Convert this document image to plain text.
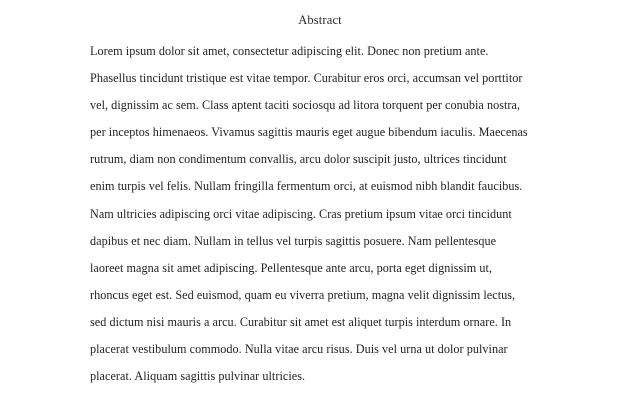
Abstract
Lorem ipsum dolor sit amet, consectetur adipiscing elit. Donec non pretium ante.
Phasellus tincidunt tristique est vitae tempor. Curabitur eros orci, accumsan vel porttitor
vel, dignissim ac sem. Class aptent taciti sociosqu ad litora torquent per conubia nostra,
per inceptos himenaeos. Vivamus sagittis mauris eget augue bibendum iaculis. Maecenas
rutrum, diam non condimentum convallis, arcu dolor suscipit justo, ultrices tincidunt
enim turpis vel felis. Nullam fringilla fermentum orci, at euismod nibh blandit faucibus.
Nam ultricies adipiscing orci vitae adipiscing. Cras pretium ipsum vitae orci tincidunt
dapibus et nec diam. Nullam in tellus vel turpis sagittis posuere. Nam pellentesque
laoreet magna sit amet adipiscing. Pellentesque ante arcu, porta eget dignissim ut,
rhoncus eget est. Sed euismod, quam eu viverra pretium, magna velit dignissim lectus,
sed dictum nisi mauris a arcu. Curabitur sit amet est aliquet turpis interdum ornare. In
placerat vestibulum commodo. Nulla vitae arcu risus. Duis vel urna ut dolor pulvinar
placerat. Aliquam sagittis pulvinar ultricies.
